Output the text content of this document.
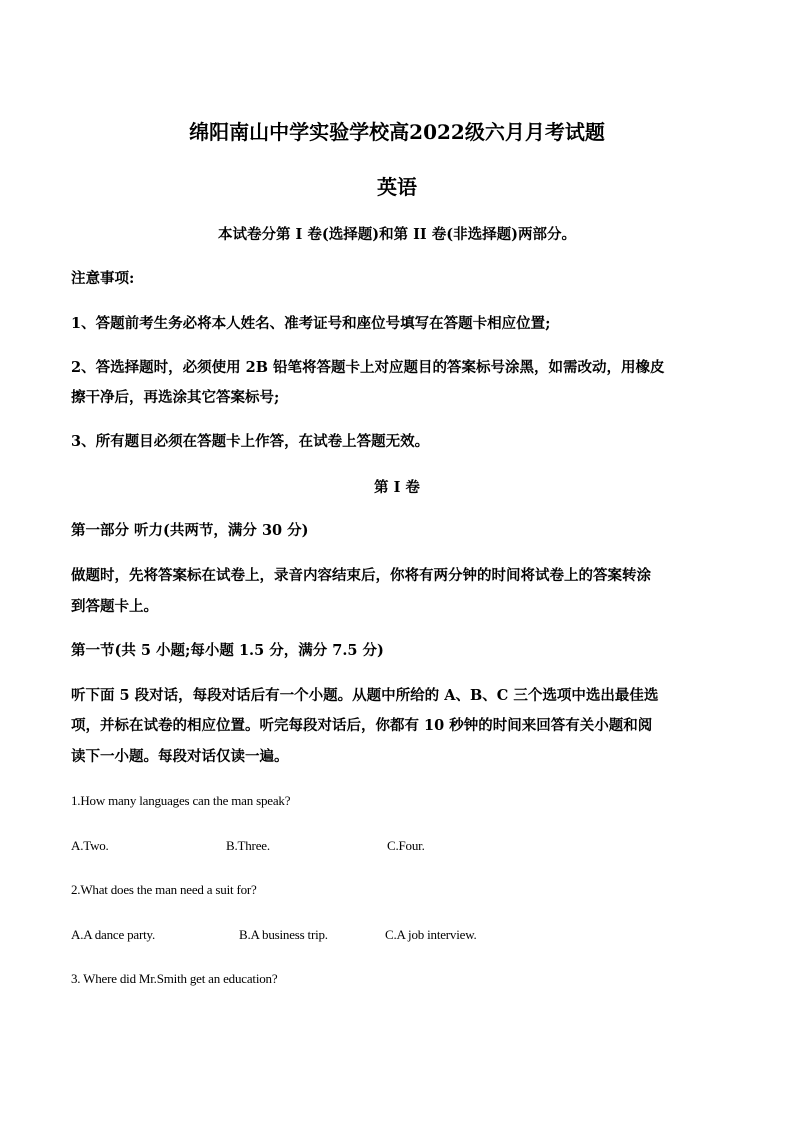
绵阳南山中学实验学校高2022级六月月考试题
英语
本试卷分第 I 卷(选择题)和第 II 卷(非选择题)两部分。
注意事项:
1、答题前考生务必将本人姓名、准考证号和座位号填写在答题卡相应位置;
2、答选择题时，必须使用 2B 铅笔将答题卡上对应题目的答案标号涂黑，如需改动，用橡皮
擦干净后，再选涂其它答案标号;
3、所有题目必须在答题卡上作答，在试卷上答题无效。
第 I 卷
第一部分 听力(共两节，满分 30 分)
做题时，先将答案标在试卷上，录音内容结束后，你将有两分钟的时间将试卷上的答案转涂
到答题卡上。
第一节(共 5 小题;每小题 1.5 分，满分 7.5 分)
听下面 5 段对话，每段对话后有一个小题。从题中所给的 A、B、C 三个选项中选出最佳选
项，并标在试卷的相应位置。听完每段对话后，你都有 10 秒钟的时间来回答有关小题和阅
读下一小题。每段对话仅读一遍。
1.How many languages can the man speak?
A.Two.	B.Three.	C.Four.
2.What does the man need a suit for?
A.A dance party.	B.A business trip.	C.A job interview.
3. Where did Mr.Smith get an education?
